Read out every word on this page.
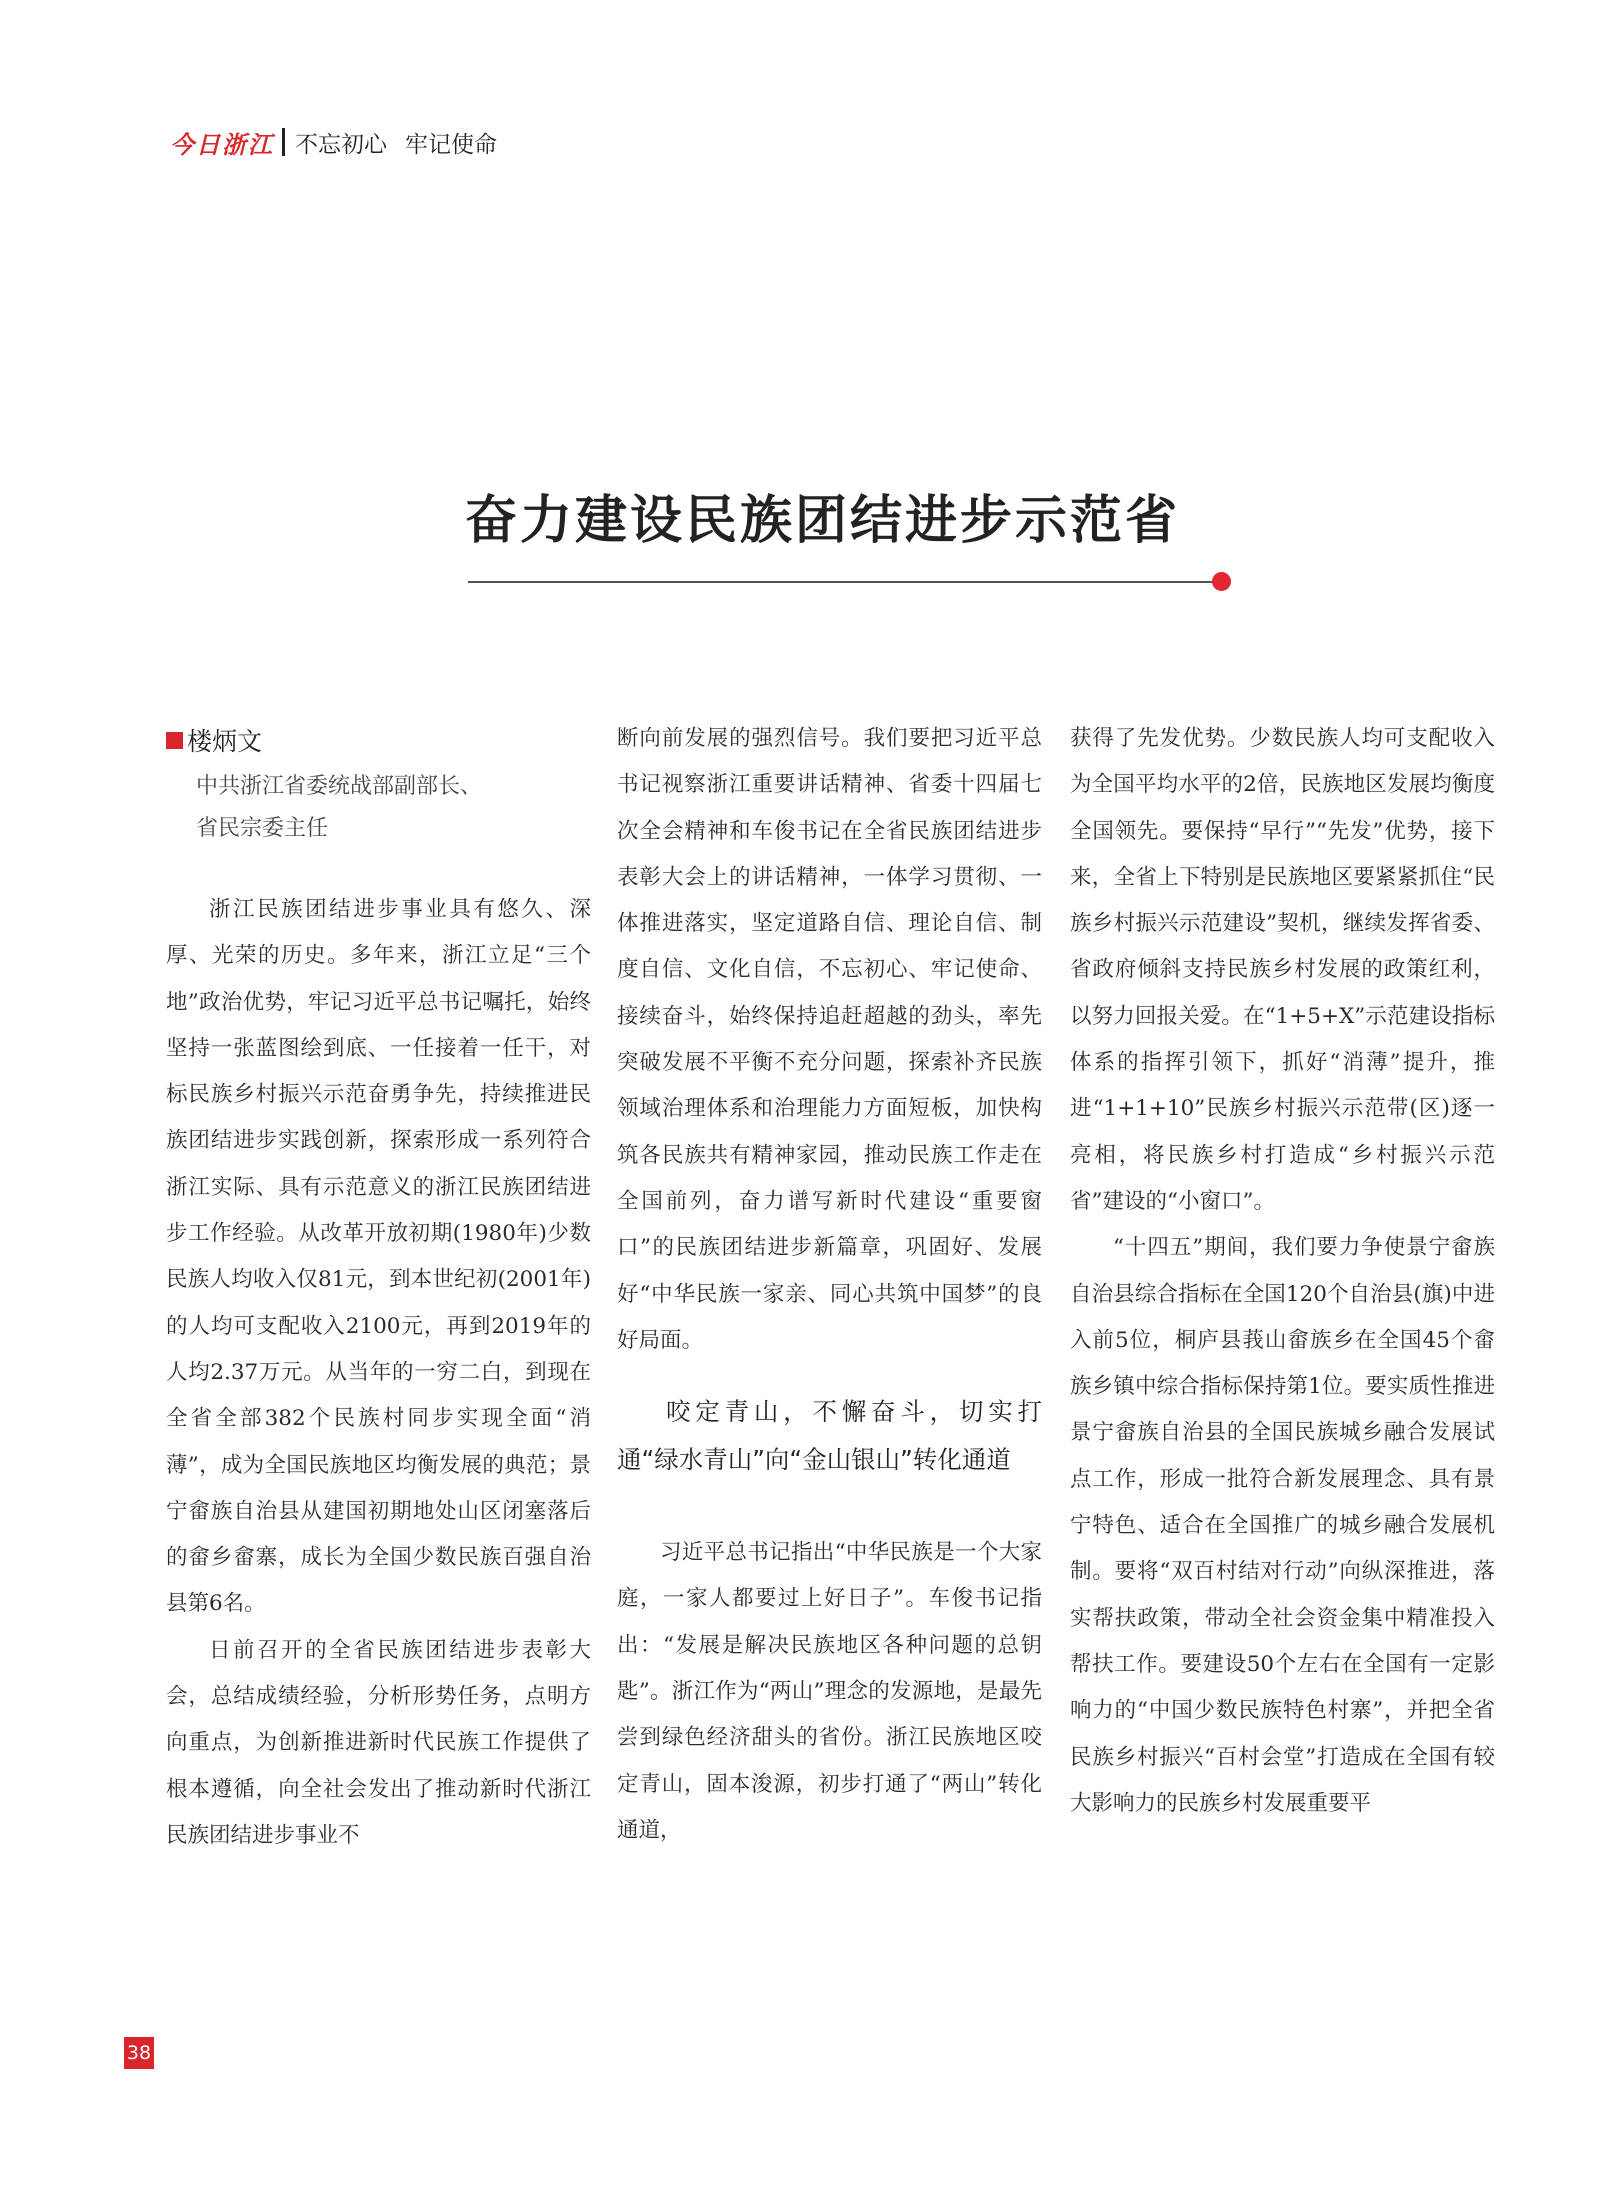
今日浙江 不忘初心 牢记使命
奋力建设民族团结进步示范省
楼炳文
中共浙江省委统战部副部长、
省民宗委主任

浙江民族团结进步事业具有悠久、深厚、光荣的历史。多年来，浙江立足“三个地”政治优势，牢记习近平总书记嘱托，始终坚持一张蓝图绘到底、一任接着一任干，对标民族乡村振兴示范奋勇争先，持续推进民族团结进步实践创新，探索形成一系列符合浙江实际、具有示范意义的浙江民族团结进步工作经验。从改革开放初期(1980年)少数民族人均收入仅81元，到本世纪初(2001年)的人均可支配收入2100元，再到2019年的人均2.37万元。从当年的一穷二白，到现在全省全部382个民族村同步实现全面“消薄”，成为全国民族地区均衡发展的典范；景宁畲族自治县从建国初期地处山区闭塞落后的畲乡畲寨，成长为全国少数民族百强自治县第6名。

日前召开的全省民族团结进步表彰大会，总结成绩经验，分析形势任务，点明方向重点，为创新推进新时代民族工作提供了根本遵循，向全社会发出了推动新时代浙江民族团结进步事业不

断向前发展的强烈信号。我们要把习近平总书记视察浙江重要讲话精神、省委十四届七次全会精神和车俊书记在全省民族团结进步表彰大会上的讲话精神，一体学习贯彻、一体推进落实，坚定道路自信、理论自信、制度自信、文化自信，不忘初心、牢记使命、接续奋斗，始终保持追赶超越的劲头，率先突破发展不平衡不充分问题，探索补齐民族领域治理体系和治理能力方面短板，加快构筑各民族共有精神家园，推动民族工作走在全国前列，奋力谱写新时代建设“重要窗口”的民族团结进步新篇章，巩固好、发展好“中华民族一家亲、同心共筑中国梦”的良好局面。

咬定青山，不懈奋斗，切实打通“绿水青山”向“金山银山”转化通道

习近平总书记指出“中华民族是一个大家庭，一家人都要过上好日子”。车俊书记指出：“发展是解决民族地区各种问题的总钥匙”。浙江作为“两山”理念的发源地，是最先尝到绿色经济甜头的省份。浙江民族地区咬定青山，固本浚源，初步打通了“两山”转化通道，

获得了先发优势。少数民族人均可支配收入为全国平均水平的2倍，民族地区发展均衡度全国领先。要保持“早行”“先发”优势，接下来，全省上下特别是民族地区要紧紧抓住“民族乡村振兴示范建设”契机，继续发挥省委、省政府倾斜支持民族乡村发展的政策红利，以努力回报关爱。在“1+5+X”示范建设指标体系的指挥引领下，抓好“消薄”提升，推进“1+1+10”民族乡村振兴示范带(区)逐一亮相，将民族乡村打造成“乡村振兴示范省”建设的“小窗口”。

“十四五”期间，我们要力争使景宁畲族自治县综合指标在全国120个自治县(旗)中进入前5位，桐庐县莪山畲族乡在全国45个畲族乡镇中综合指标保持第1位。要实质性推进景宁畲族自治县的全国民族城乡融合发展试点工作，形成一批符合新发展理念、具有景宁特色、适合在全国推广的城乡融合发展机制。要将“双百村结对行动”向纵深推进，落实帮扶政策，带动全社会资金集中精准投入帮扶工作。要建设50个左右在全国有一定影响力的“中国少数民族特色村寨”，并把全省民族乡村振兴“百村会堂”打造成在全国有较大影响力的民族乡村发展重要平

38
